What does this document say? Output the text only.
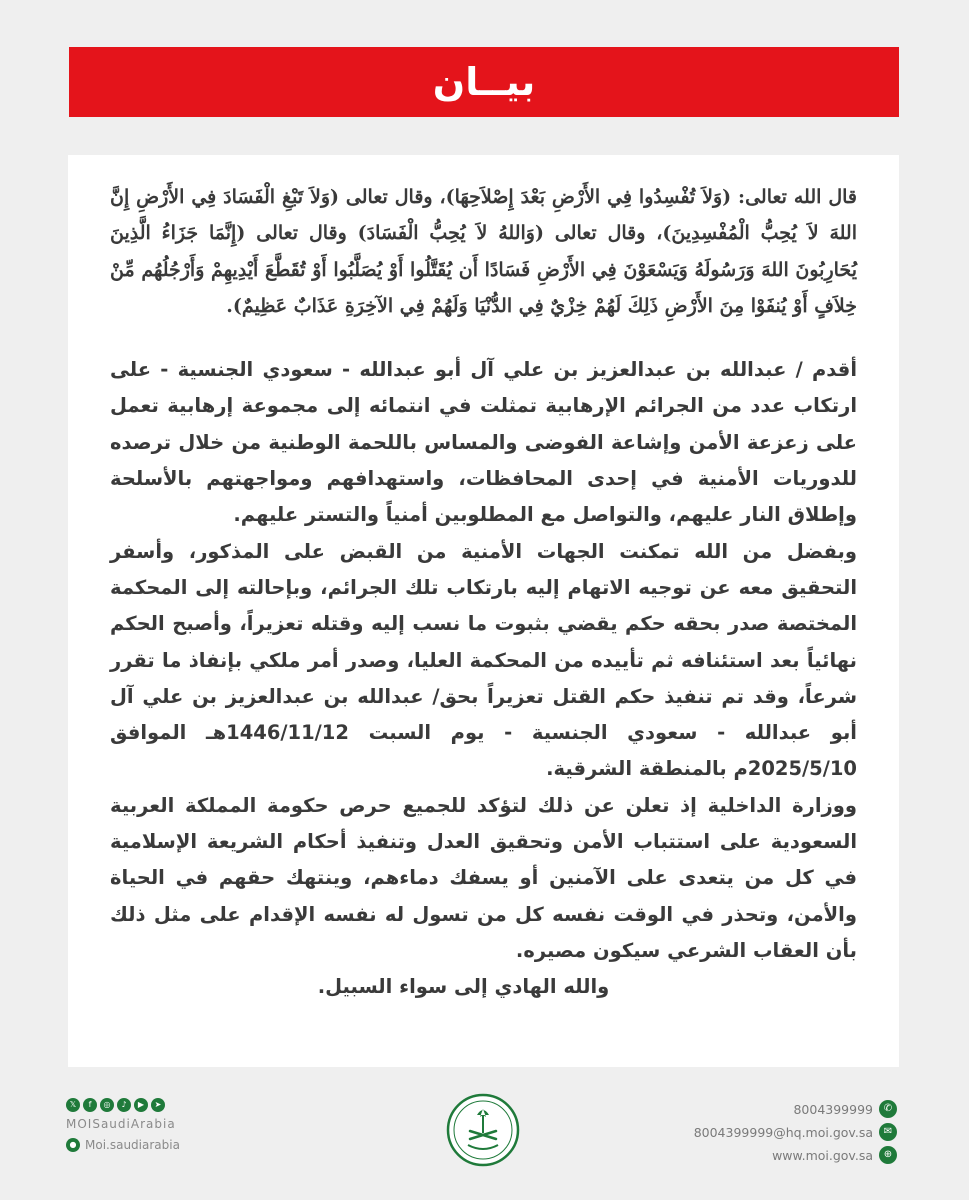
بيــان

قال الله تعالى: (وَلاَ تُفْسِدُوا فِي الأَرْضِ بَعْدَ إِصْلاَحِهَا)، وقال تعالى (وَلاَ تَبْغِ الْفَسَادَ فِي الأَرْضِ إِنَّ اللهَ لاَ يُحِبُّ الْمُفْسِدِينَ)، وقال تعالى (وَاللهُ لاَ يُحِبُّ الْفَسَادَ) وقال تعالى (إِنَّمَا جَزَاءُ الَّذِينَ يُحَارِبُونَ اللهَ وَرَسُولَهُ وَيَسْعَوْنَ فِي الأَرْضِ فَسَادًا أَن يُقَتَّلُوا أَوْ يُصَلَّبُوا أَوْ تُقَطَّعَ أَيْدِيهِمْ وَأَرْجُلُهُم مِّنْ خِلاَفٍ أَوْ يُنفَوْا مِنَ الأَرْضِ ذَلِكَ لَهُمْ خِزْيٌ فِي الدُّنْيَا وَلَهُمْ فِي الآخِرَةِ عَذَابٌ عَظِيمٌ).

أقدم / عبدالله بن عبدالعزيز بن علي آل أبو عبدالله - سعودي الجنسية - على ارتكاب عدد من الجرائم الإرهابية تمثلت في انتمائه إلى مجموعة إرهابية تعمل على زعزعة الأمن وإشاعة الفوضى والمساس باللحمة الوطنية من خلال ترصده للدوريات الأمنية في إحدى المحافظات، واستهدافهم ومواجهتهم بالأسلحة وإطلاق النار عليهم، والتواصل مع المطلوبين أمنياً والتستر عليهم.

وبفضل من الله تمكنت الجهات الأمنية من القبض على المذكور، وأسفر التحقيق معه عن توجيه الاتهام إليه بارتكاب تلك الجرائم، وبإحالته إلى المحكمة المختصة صدر بحقه حكم يقضي بثبوت ما نسب إليه وقتله تعزيراً، وأصبح الحكم نهائياً بعد استئنافه ثم تأييده من المحكمة العليا، وصدر أمر ملكي بإنفاذ ما تقرر شرعاً، وقد تم تنفيذ حكم القتل تعزيراً بحق/ عبدالله بن عبدالعزيز بن علي آل أبو عبدالله - سعودي الجنسية - يوم السبت 1446/11/12هـ الموافق 2025/5/10م بالمنطقة الشرقية.

ووزارة الداخلية إذ تعلن عن ذلك لتؤكد للجميع حرص حكومة المملكة العربية السعودية على استتباب الأمن وتحقيق العدل وتنفيذ أحكام الشريعة الإسلامية في كل من يتعدى على الآمنين أو يسفك دماءهم، وينتهك حقهم في الحياة والأمن، وتحذر في الوقت نفسه كل من تسول له نفسه الإقدام على مثل ذلك بأن العقاب الشرعي سيكون مصيره.

والله الهادي إلى سواء السبيل.

𝕏	f	◎	♪	▶	➤
MOISaudiArabia
● Moi.saudiarabia
8004399999	✆
8004399999@hq.moi.gov.sa	✉
www.moi.gov.sa	⊕
